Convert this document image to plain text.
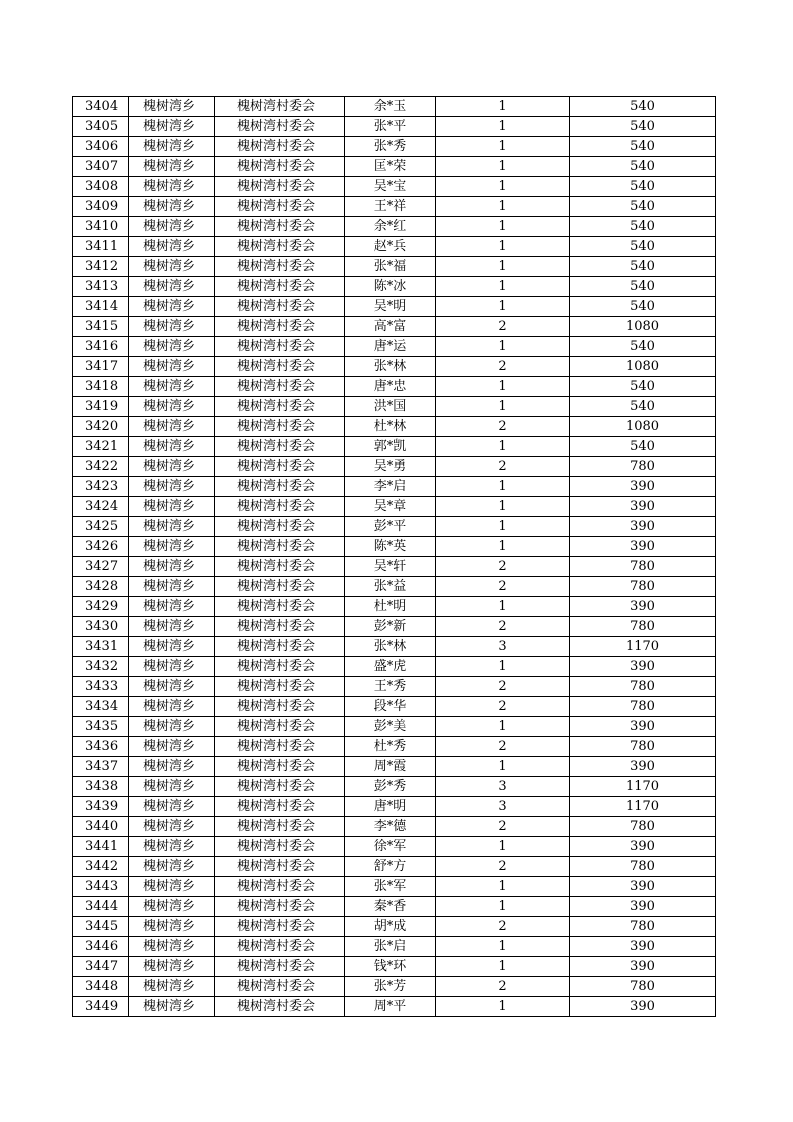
3404	槐树湾乡	槐树湾村委会	余*玉	1	540
3405	槐树湾乡	槐树湾村委会	张*平	1	540
3406	槐树湾乡	槐树湾村委会	张*秀	1	540
3407	槐树湾乡	槐树湾村委会	匡*荣	1	540
3408	槐树湾乡	槐树湾村委会	吴*宝	1	540
3409	槐树湾乡	槐树湾村委会	王*祥	1	540
3410	槐树湾乡	槐树湾村委会	余*红	1	540
3411	槐树湾乡	槐树湾村委会	赵*兵	1	540
3412	槐树湾乡	槐树湾村委会	张*福	1	540
3413	槐树湾乡	槐树湾村委会	陈*冰	1	540
3414	槐树湾乡	槐树湾村委会	吴*明	1	540
3415	槐树湾乡	槐树湾村委会	高*富	2	1080
3416	槐树湾乡	槐树湾村委会	唐*运	1	540
3417	槐树湾乡	槐树湾村委会	张*林	2	1080
3418	槐树湾乡	槐树湾村委会	唐*忠	1	540
3419	槐树湾乡	槐树湾村委会	洪*国	1	540
3420	槐树湾乡	槐树湾村委会	杜*林	2	1080
3421	槐树湾乡	槐树湾村委会	郭*凯	1	540
3422	槐树湾乡	槐树湾村委会	吴*勇	2	780
3423	槐树湾乡	槐树湾村委会	李*启	1	390
3424	槐树湾乡	槐树湾村委会	吴*章	1	390
3425	槐树湾乡	槐树湾村委会	彭*平	1	390
3426	槐树湾乡	槐树湾村委会	陈*英	1	390
3427	槐树湾乡	槐树湾村委会	吴*轩	2	780
3428	槐树湾乡	槐树湾村委会	张*益	2	780
3429	槐树湾乡	槐树湾村委会	杜*明	1	390
3430	槐树湾乡	槐树湾村委会	彭*新	2	780
3431	槐树湾乡	槐树湾村委会	张*林	3	1170
3432	槐树湾乡	槐树湾村委会	盛*虎	1	390
3433	槐树湾乡	槐树湾村委会	王*秀	2	780
3434	槐树湾乡	槐树湾村委会	段*华	2	780
3435	槐树湾乡	槐树湾村委会	彭*美	1	390
3436	槐树湾乡	槐树湾村委会	杜*秀	2	780
3437	槐树湾乡	槐树湾村委会	周*霞	1	390
3438	槐树湾乡	槐树湾村委会	彭*秀	3	1170
3439	槐树湾乡	槐树湾村委会	唐*明	3	1170
3440	槐树湾乡	槐树湾村委会	李*德	2	780
3441	槐树湾乡	槐树湾村委会	徐*军	1	390
3442	槐树湾乡	槐树湾村委会	舒*方	2	780
3443	槐树湾乡	槐树湾村委会	张*军	1	390
3444	槐树湾乡	槐树湾村委会	秦*香	1	390
3445	槐树湾乡	槐树湾村委会	胡*成	2	780
3446	槐树湾乡	槐树湾村委会	张*启	1	390
3447	槐树湾乡	槐树湾村委会	钱*环	1	390
3448	槐树湾乡	槐树湾村委会	张*芳	2	780
3449	槐树湾乡	槐树湾村委会	周*平	1	390
